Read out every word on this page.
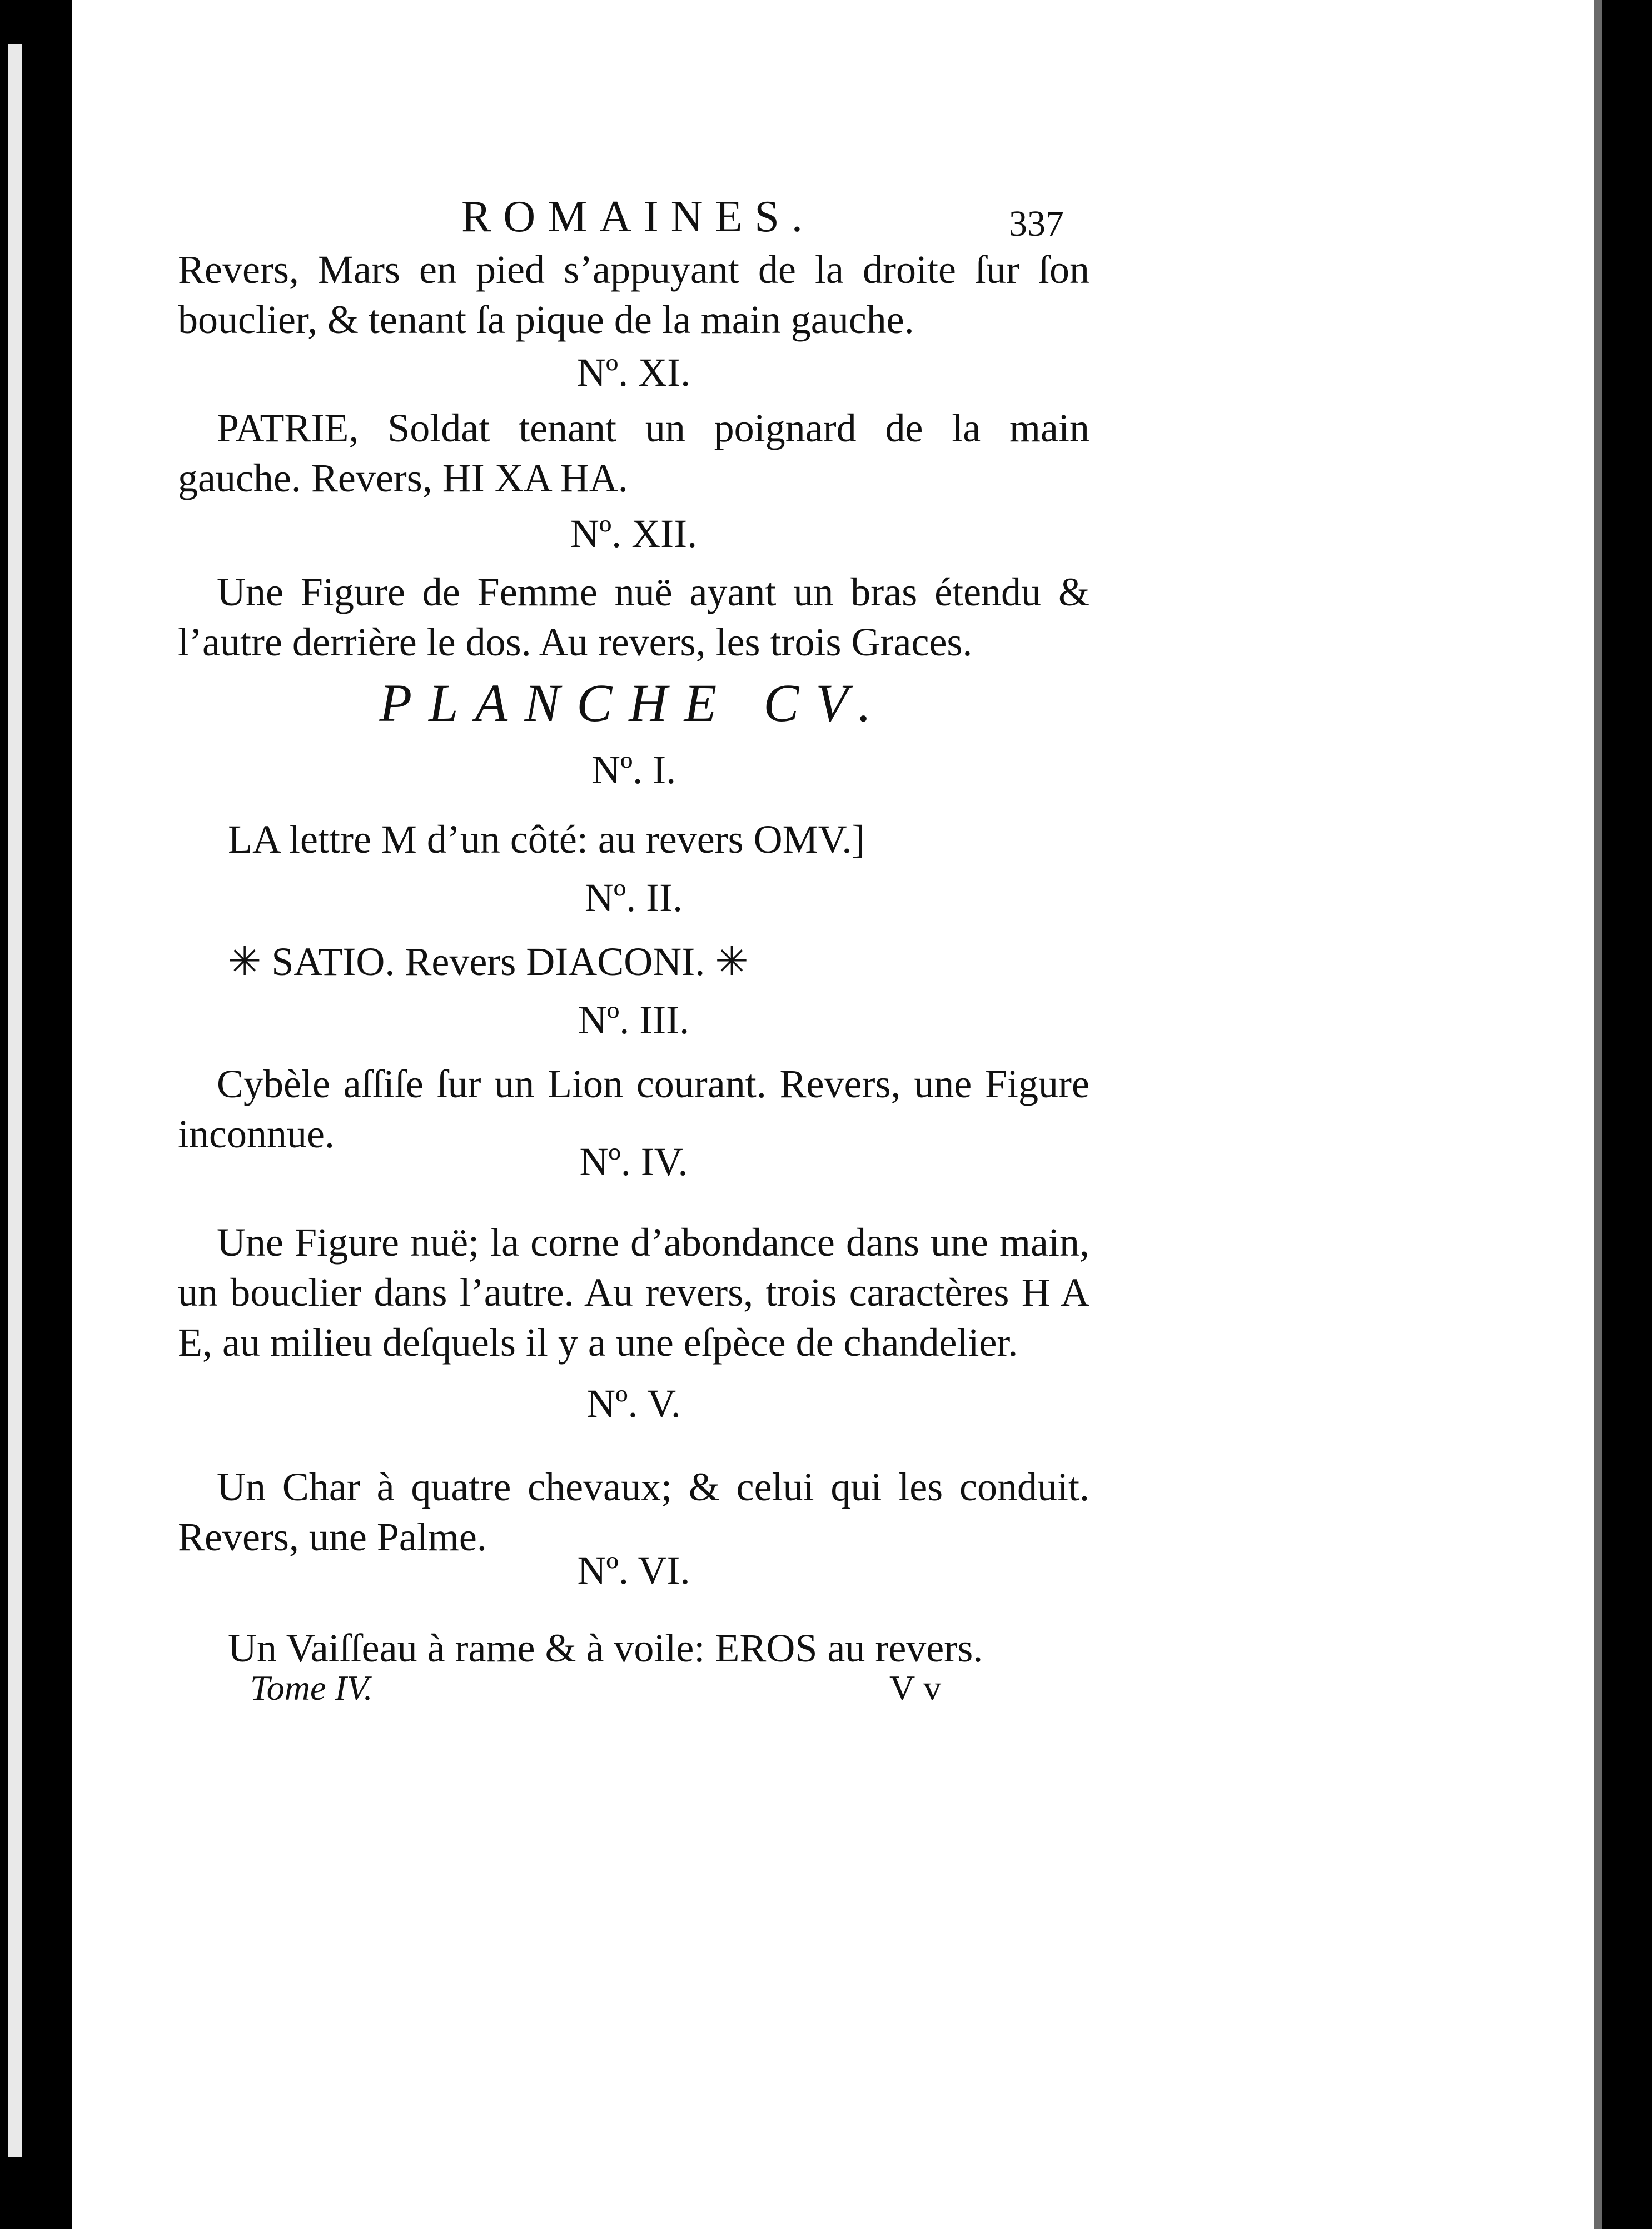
ROMAINES.	337
Revers, Mars en pied s’appuyant de la droite ſur ſon bouclier, & tenant ſa pique de la main gauche.
Nº. XI.
PATRIE, Soldat tenant un poignard de la main gauche. Revers, HI XA HA.
Nº. XII.
Une Figure de Femme nuë ayant un bras étendu & l’autre derrière le dos. Au revers, les trois Graces.
PLANCHE CV.
Nº. I.
LA lettre M d’un côté: au revers OMV.]
Nº. II.
✳ SATIO. Revers DIACONI. ✳
Nº. III.
Cybèle aſſiſe ſur un Lion courant. Revers, une Figure inconnue.
Nº. IV.
Une Figure nuë; la corne d’abondance dans une main, un bouclier dans l’autre. Au revers, trois caractères H A E, au milieu deſquels il y a une eſpèce de chandelier.
Nº. V.
Un Char à quatre chevaux; & celui qui les conduit. Revers, une Palme.
Nº. VI.
Un Vaiſſeau à rame & à voile: EROS au revers.
Tome IV.	V v
